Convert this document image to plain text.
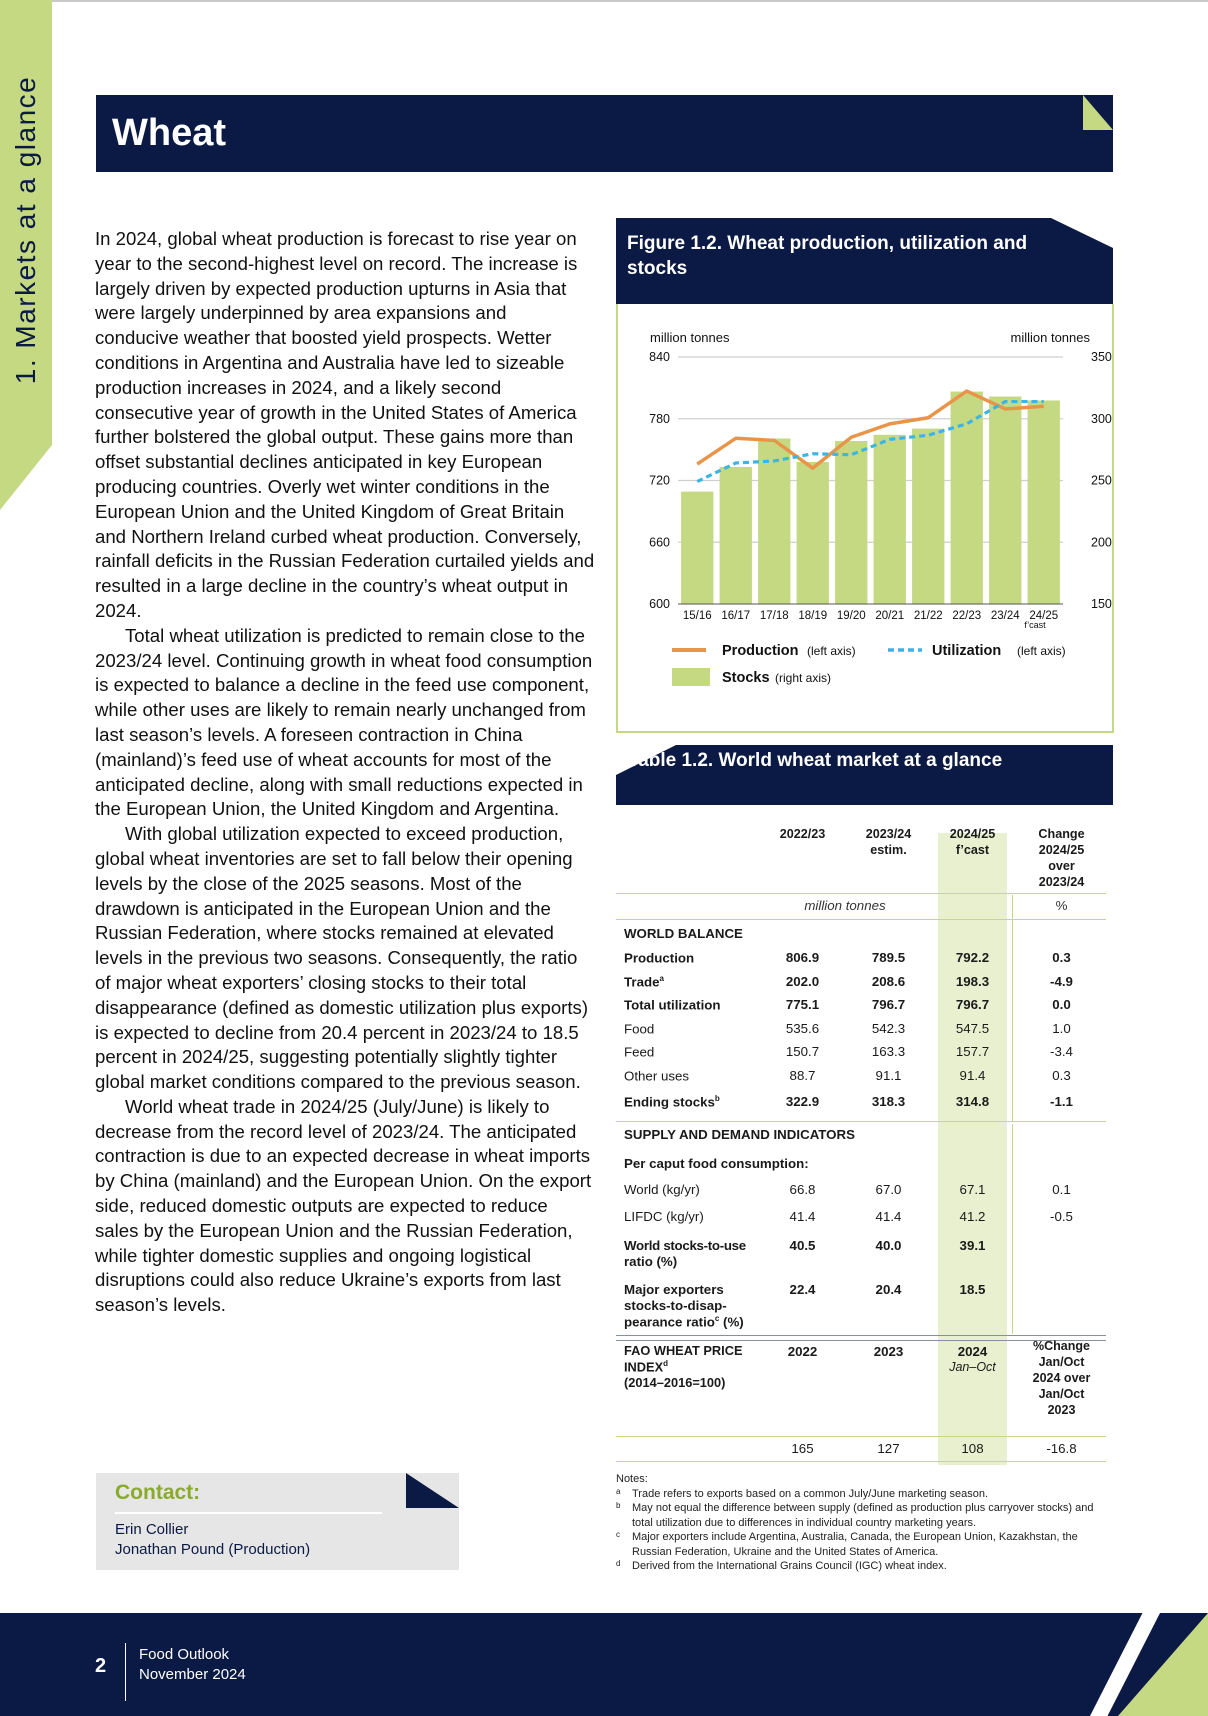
1. Markets at a glance Wheat

In 2024, global wheat production is forecast to rise year on year to the second-highest level on record. The increase is largely driven by expected production upturns in Asia that were largely underpinned by area expansions and conducive weather that boosted yield prospects. Wetter conditions in Argentina and Australia have led to sizeable production increases in 2024, and a likely second consecutive year of growth in the United States of America further bolstered the global output. These gains more than offset substantial declines anticipated in key European producing countries. Overly wet winter conditions in the European Union and the United Kingdom of Great Britain and Northern Ireland curbed wheat production. Conversely, rainfall deficits in the Russian Federation curtailed yields and resulted in a large decline in the country’s wheat output in 2024.

Total wheat utilization is predicted to remain close to the 2023/24 level. Continuing growth in wheat food consumption is expected to balance a decline in the feed use component, while other uses are likely to remain nearly unchanged from last season’s levels. A foreseen contraction in China (mainland)’s feed use of wheat accounts for most of the anticipated decline, along with small reductions expected in the European Union, the United Kingdom and Argentina.

With global utilization expected to exceed production, global wheat inventories are set to fall below their opening levels by the close of the 2025 seasons. Most of the drawdown is anticipated in the European Union and the Russian Federation, where stocks remained at elevated levels in the previous two seasons. Consequently, the ratio of major wheat exporters’ closing stocks to their total disappearance (defined as domestic utilization plus exports) is expected to decline from 20.4 percent in 2023/24 to 18.5 percent in 2024/25, suggesting potentially slightly tighter global market conditions compared to the previous season.

World wheat trade in 2024/25 (July/June) is likely to decrease from the record level of 2023/24. The anticipated contraction is due to an expected decrease in wheat imports by China (mainland) and the European Union. On the export side, reduced domestic outputs are expected to reduce sales by the European Union and the Russian Federation, while tighter domestic supplies and ongoing logistical disruptions could also reduce Ukraine’s exports from last season’s levels.

Contact:
Erin Collier
Jonathan Pound (Production)
Figure 1.2. Wheat production, utilization and stocks
600
660
720
780
840
150
200
250
300
350
15/16 16/17 17/18 18/19 19/20 20/21 21/22 22/23 23/24 24/25
million tonnes	million tonnes
f’cast
Production (left axis)	Utilization (left axis)
Stocks (right axis)
Table 1.2. World wheat market at a glance
2022/23	2023/24 estim.
2024/25 f’cast
Change 2024/25 over 2023/24
million tonnes	%
WORLD BALANCE
Production	806.9	789.5	792.2	0.3
Trade$^a$	202.0	208.6	198.3	-4.9
Total utilization	775.1	796.7	796.7	0.0
Food	535.6	542.3	547.5	1.0
Feed	150.7	163.3	157.7	-3.4
Other uses	88.7	91.1	91.4	0.3
Ending stocks$^b$	322.9	318.3	314.8	-1.1
SUPPLY AND DEMAND INDICATORS
Per caput food consumption:
World (kg/yr)	66.8	67.0	67.1	0.1
LIFDC (kg/yr)	41.4	41.4	41.2	-0.5
World stocks-to-use
ratio (%)
40.5	40.0	39.1
Major exporters
stocks-to-disap-
pearance ratio$^c$ (%)
22.4	20.4	18.5
FAO WHEAT PRICE
INDEX$^d$
(2014–2016=100)
2022	2023	2024
Jan–Oct
%Change
Jan/Oct
2024 over
Jan/Oct
2023
165	127	108	-16.8
Notes:
a Trade refers to exports based on a common July/June marketing season.
b May not equal the difference between supply (defined as production plus carryover stocks) and total utilization due to differences in individual country marketing years.
c Major exporters include Argentina, Australia, Canada, the European Union, Kazakhstan, the Russian Federation, Ukraine and the United States of America.
d Derived from the International Grains Council (IGC) wheat index.
2
Food Outlook
November 2024
